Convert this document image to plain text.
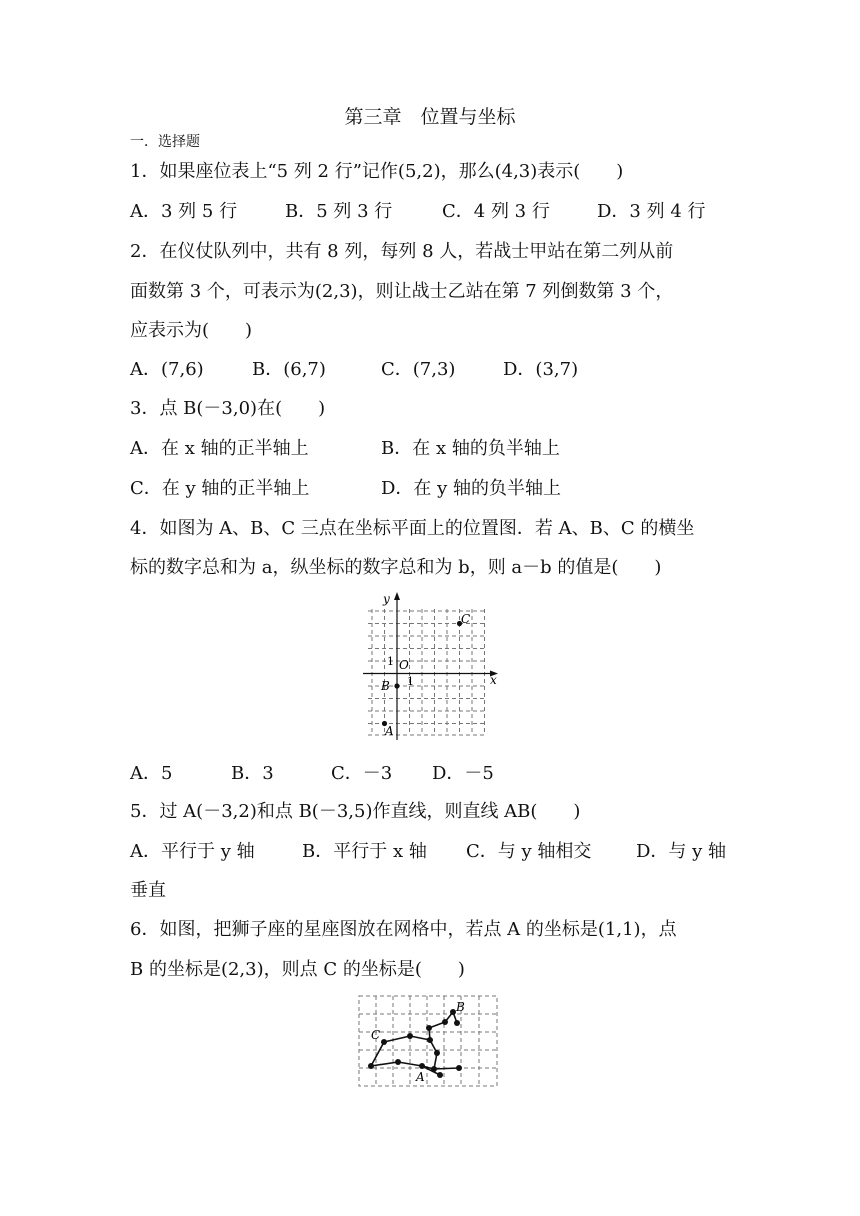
第三章　位置与坐标
一．选择题
1．如果座位表上“5 列 2 行”记作(5,2)，那么(4,3)表示(　　)
A．3 列 5 行	B．5 列 3 行	C．4 列 3 行	D．3 列 4 行
2．在仪仗队列中，共有 8 列，每列 8 人，若战士甲站在第二列从前
面数第 3 个，可表示为(2,3)，则让战士乙站在第 7 列倒数第 3 个，
应表示为(　　)
A．(7,6)	B．(6,7)	C．(7,3)	D．(3,7)
3．点 B(－3,0)在(　　)
A．在 x 轴的正半轴上	B．在 x 轴的负半轴上
C．在 y 轴的正半轴上	D．在 y 轴的负半轴上
4．如图为 A、B、C 三点在坐标平面上的位置图．若 A、B、C 的横坐
标的数字总和为 a，纵坐标的数字总和为 b，则 a－b 的值是(　　)
x
y
O
1
1
A
B
C
A．5	B．3	C．－3 D．－5
5．过 A(－3,2)和点 B(－3,5)作直线，则直线 AB(　　)
A．平行于 y 轴	B．平行于 x 轴 C．与 y 轴相交 D．与 y 轴
垂直
6．如图，把狮子座的星座图放在网格中，若点 A 的坐标是(1,1)，点
B 的坐标是(2,3)，则点 C 的坐标是(　　)
A
B
C
